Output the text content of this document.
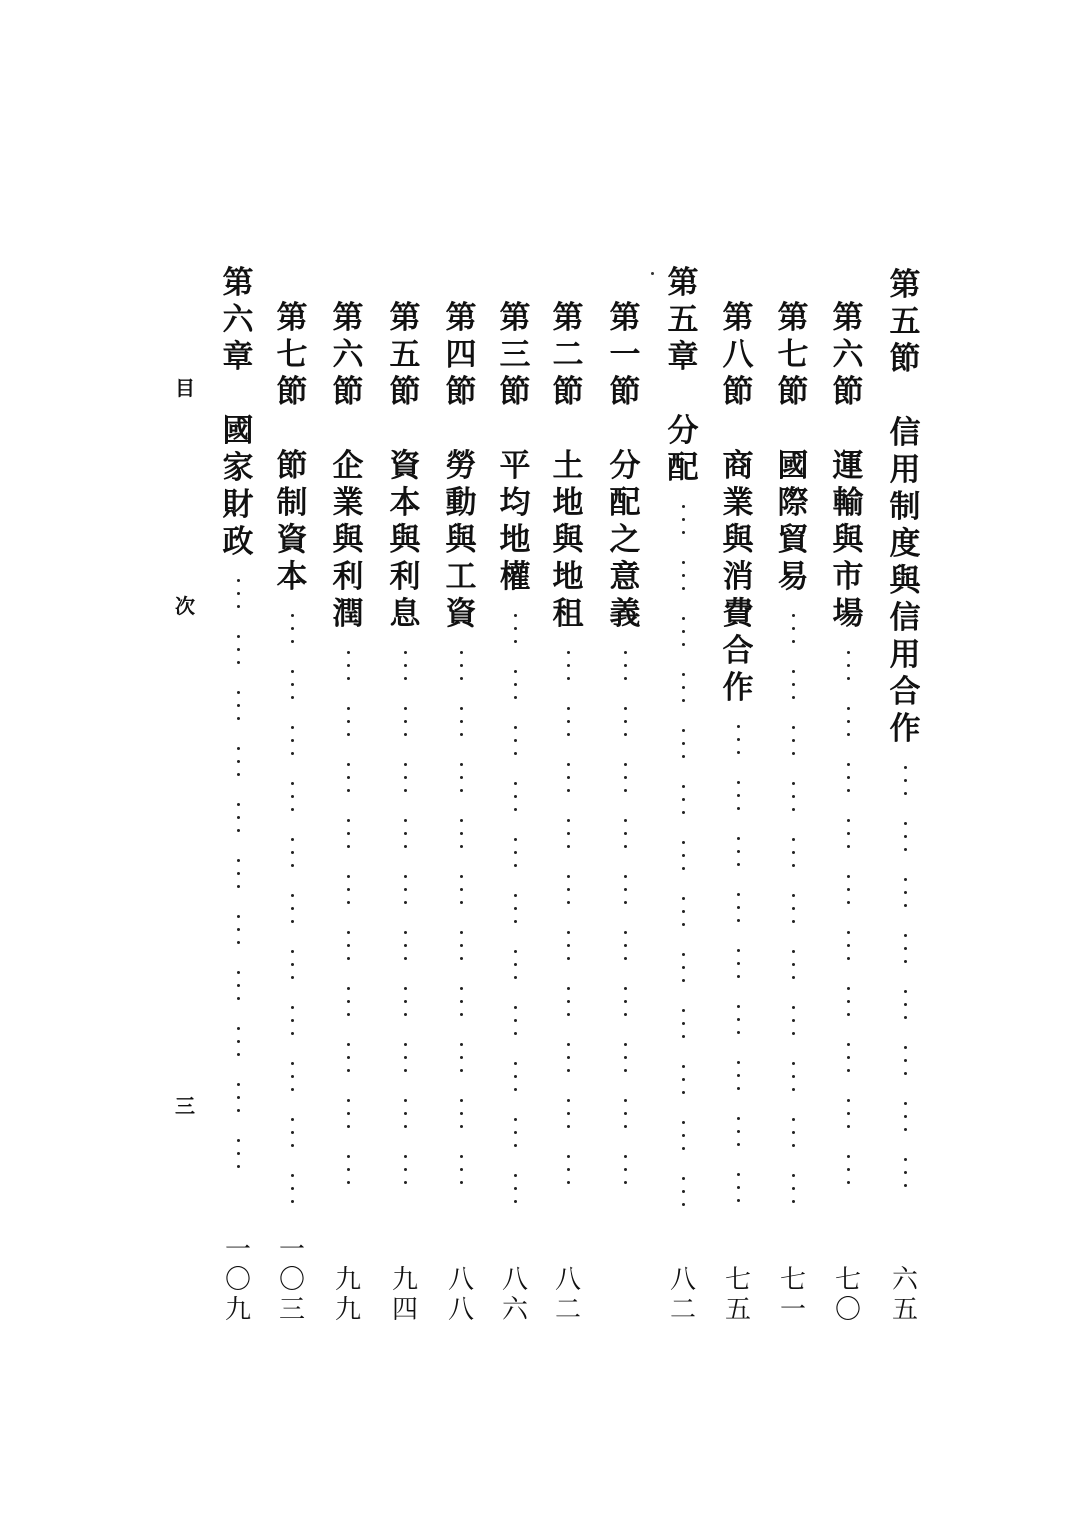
目
次
三
第
五
節
信
用
制
度
與
信
用
合
作
六
五
第
六
節
運
輸
與
市
場
七
〇
第
七
節
國
際
貿
易
七
一
第
八
節
商
業
與
消
費
合
作
七
五
第
五
章
分
配
八
二
第
一
節
分
配
之
意
義
第
二
節
土
地
與
地
租
八
二
第
三
節
平
均
地
權
八
六
第
四
節
勞
動
與
工
資
八
八
第
五
節
資
本
與
利
息
九
四
第
六
節
企
業
與
利
潤
九
九
第
七
節
節
制
資
本
一
〇
三
第
六
章
國
家
財
政
一
〇
九
